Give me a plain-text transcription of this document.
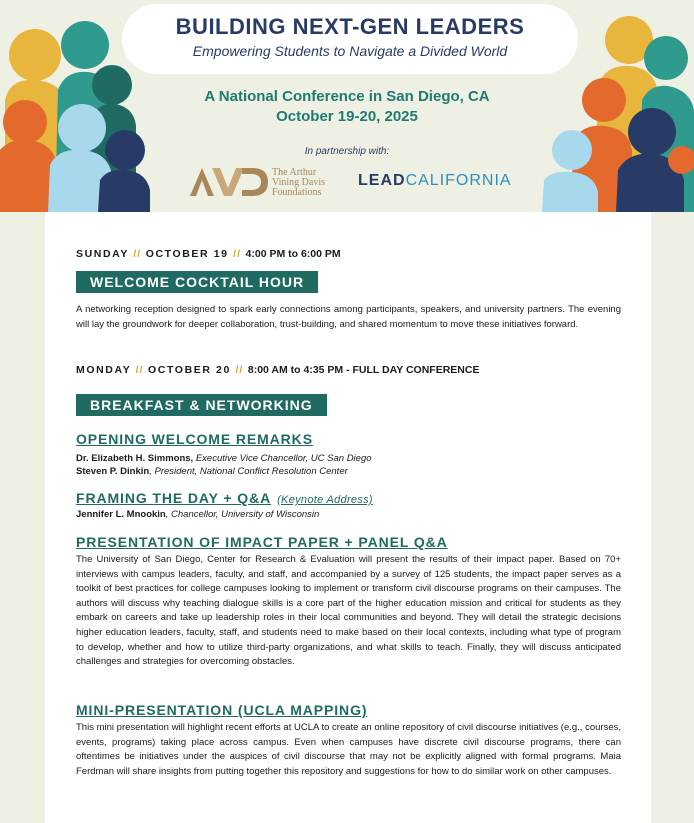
BUILDING NEXT-GEN LEADERS
Empowering Students to Navigate a Divided World
A National Conference in San Diego, CA
October 19-20, 2025
In partnership with:
The Arthur
Vining Davis
Foundations
LEADCALIFORNIA
SUNDAY // OCTOBER 19 // 4:00 PM to 6:00 PM
WELCOME COCKTAIL HOUR

A networking reception designed to spark early connections among participants, speakers, and university partners. The evening will lay the groundwork for deeper collaboration, trust-building, and shared momentum to move these initiatives forward.

MONDAY // OCTOBER 20 // 8:00 AM to 4:35 PM - FULL DAY CONFERENCE
BREAKFAST & NETWORKING
OPENING WELCOME REMARKS
Dr. Elizabeth H. Simmons, Executive Vice Chancellor, UC San Diego
Steven P. Dinkin, President, National Conflict Resolution Center
FRAMING THE DAY + Q&A (Keynote Address)
Jennifer L. Mnookin, Chancellor, University of Wisconsin
PRESENTATION OF IMPACT PAPER + PANEL Q&A

The University of San Diego, Center for Research & Evaluation will present the results of their impact paper. Based on 70+ interviews with campus leaders, faculty, and staff, and accompanied by a survey of 125 students, the impact paper serves as a toolkit of best practices for college campuses looking to implement or transform civil discourse programs on their campuses. The authors will discuss why teaching dialogue skills is a core part of the higher education mission and critical for students as they embark on careers and take up leadership roles in their local communities and beyond. They will detail the strategic decisions higher education leaders, faculty, staff, and students need to make based on their local contexts, including what type of program to develop, whether and how to utilize third-party organizations, and what skills to teach. Finally, they will discuss anticipated challenges and strategies for overcoming obstacles.

MINI-PRESENTATION (UCLA MAPPING)

This mini presentation will highlight recent efforts at UCLA to create an online repository of civil discourse initiatives (e.g., courses, events, programs) taking place across campus. Even when campuses have discrete civil discourse programs, there can oftentimes be initiatives under the auspices of civil discourse that may not be explicitly aligned with formal programs. Maia Ferdman will share insights from putting together this repository and suggestions for how to do similar work on other campuses.
